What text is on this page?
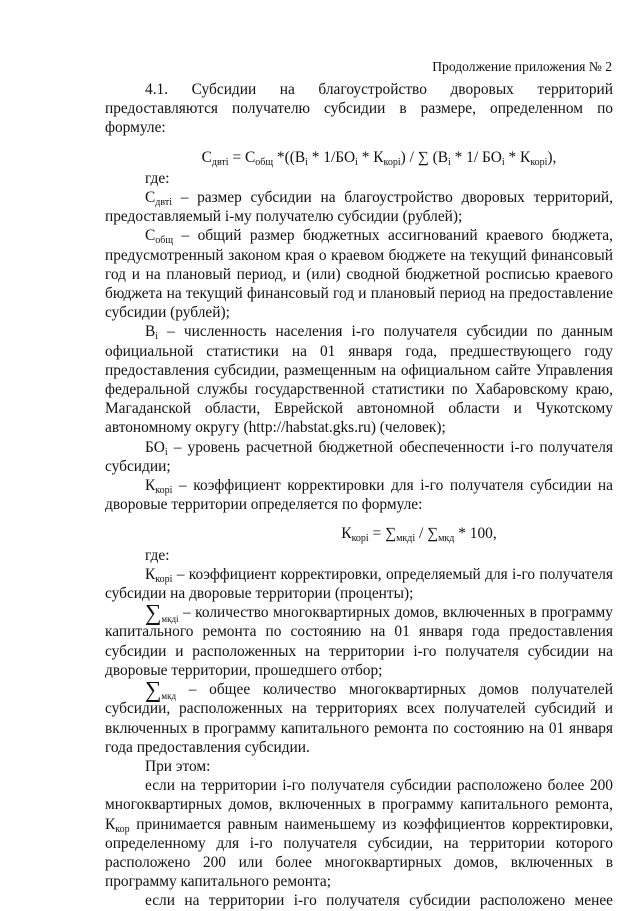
Продолжение приложения № 2

4.1. Субсидии на благоустройство дворовых территорий предоставляются получателю субсидии в размере, определенном по формуле:

$С_{двтi} = С_{общ}$ $*((В_i * 1/БО_i * К_{корi})$ / ∑ ($В_i * 1/$ $БО_i * К_{корi}$),

где:

$С_{двтi}$ – размер субсидии на благоустройство дворовых территорий, предоставляемый i-му получателю субсидии (рублей);

$С_{общ}$ – общий размер бюджетных ассигнований краевого бюджета, предусмотренный законом края о краевом бюджете на текущий финансовый год и на плановый период, и (или) сводной бюджетной росписью краевого бюджета на текущий финансовый год и плановый период на предоставление субсидии (рублей);

$В_i$ – численность населения i-го получателя субсидии по данным официальной статистики на 01 января года, предшествующего году предоставления субсидии, размещенным на официальном сайте Управления федеральной службы государственной статистики по Хабаровскому краю, Магаданской области, Еврейской автономной области и Чукотскому автономному округу (http://habstat.gks.ru) (человек);

$БО_i$ – уровень расчетной бюджетной обеспеченности i-го получателя субсидии;

$К_{корi}$ – коэффициент корректировки для i-го получателя субсидии на дворовые территории определяется по формуле:

$К_{корi} = \sum_{мкдi} / \sum_{мкд} * 100$,

где:

$К_{корi}$ – коэффициент корректировки, определяемый для i-го получателя субсидии на дворовые территории (проценты);

$\sum_{мкдi}$ – количество многоквартирных домов, включенных в программу капитального ремонта по состоянию на 01 января года предоставления субсидии и расположенных на территории i-го получателя субсидии на дворовые территории, прошедшего отбор;

$\sum_{мкд}$ – общее количество многоквартирных домов получателей субсидии, расположенных на территориях всех получателей субсидий и включенных в программу капитального ремонта по состоянию на 01 января года предоставления субсидии.

При этом:

если на территории i-го получателя субсидии расположено более 200 многоквартирных домов, включенных в программу капитального ремонта, $К_{кор}$ принимается равным наименьшему из коэффициентов корректировки, определенному для i-го получателя субсидии, на территории которого расположено 200 или более многоквартирных домов, включенных в программу капитального ремонта;

если на территории i-го получателя субсидии расположено менее
